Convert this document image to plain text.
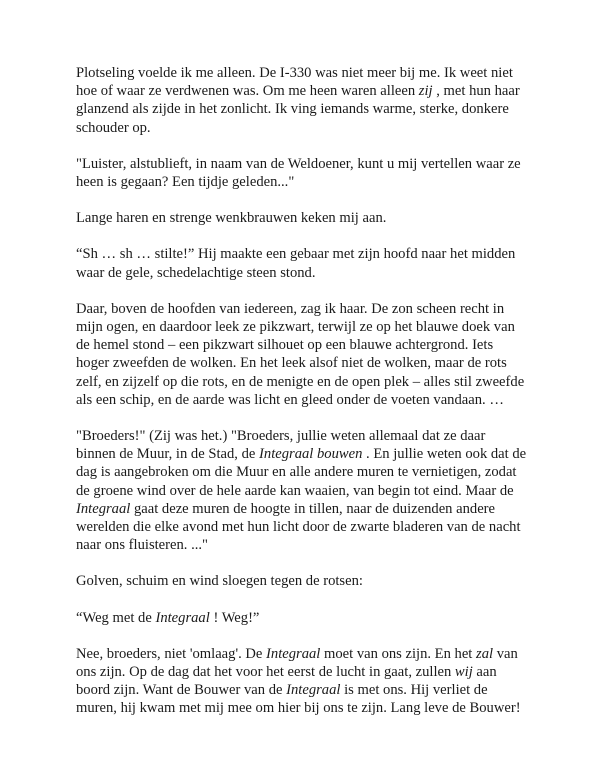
Plotseling voelde ik me alleen. De I-330 was niet meer bij me. Ik weet niet hoe of waar ze verdwenen was. Om me heen waren alleen zij , met hun haar glanzend als zijde in het zonlicht. Ik ving iemands warme, sterke, donkere schouder op.

"Luister, alstublieft, in naam van de Weldoener, kunt u mij vertellen waar ze heen is gegaan? Een tijdje geleden..."

Lange haren en strenge wenkbrauwen keken mij aan.

“Sh … sh … stilte!” Hij maakte een gebaar met zijn hoofd naar het midden waar de gele, schedelachtige steen stond.

Daar, boven de hoofden van iedereen, zag ik haar. De zon scheen recht in mijn ogen, en daardoor leek ze pikzwart, terwijl ze op het blauwe doek van de hemel stond – een pikzwart silhouet op een blauwe achtergrond. Iets hoger zweefden de wolken. En het leek alsof niet de wolken, maar de rots zelf, en zijzelf op die rots, en de menigte en de open plek – alles stil zweefde als een schip, en de aarde was licht en gleed onder de voeten vandaan. …

"Broeders!" (Zij was het.) "Broeders, jullie weten allemaal dat ze daar binnen de Muur, in de Stad, de Integraal bouwen . En jullie weten ook dat de dag is aangebroken om die Muur en alle andere muren te vernietigen, zodat de groene wind over de hele aarde kan waaien, van begin tot eind. Maar de Integraal gaat deze muren de hoogte in tillen, naar de duizenden andere werelden die elke avond met hun licht door de zwarte bladeren van de nacht naar ons fluisteren. ..."

Golven, schuim en wind sloegen tegen de rotsen:

“Weg met de Integraal ! Weg!”

Nee, broeders, niet 'omlaag'. De Integraal moet van ons zijn. En het zal van ons zijn. Op de dag dat het voor het eerst de lucht in gaat, zullen wij aan boord zijn. Want de Bouwer van de Integraal is met ons. Hij verliet de muren, hij kwam met mij mee om hier bij ons te zijn. Lang leve de Bouwer!
